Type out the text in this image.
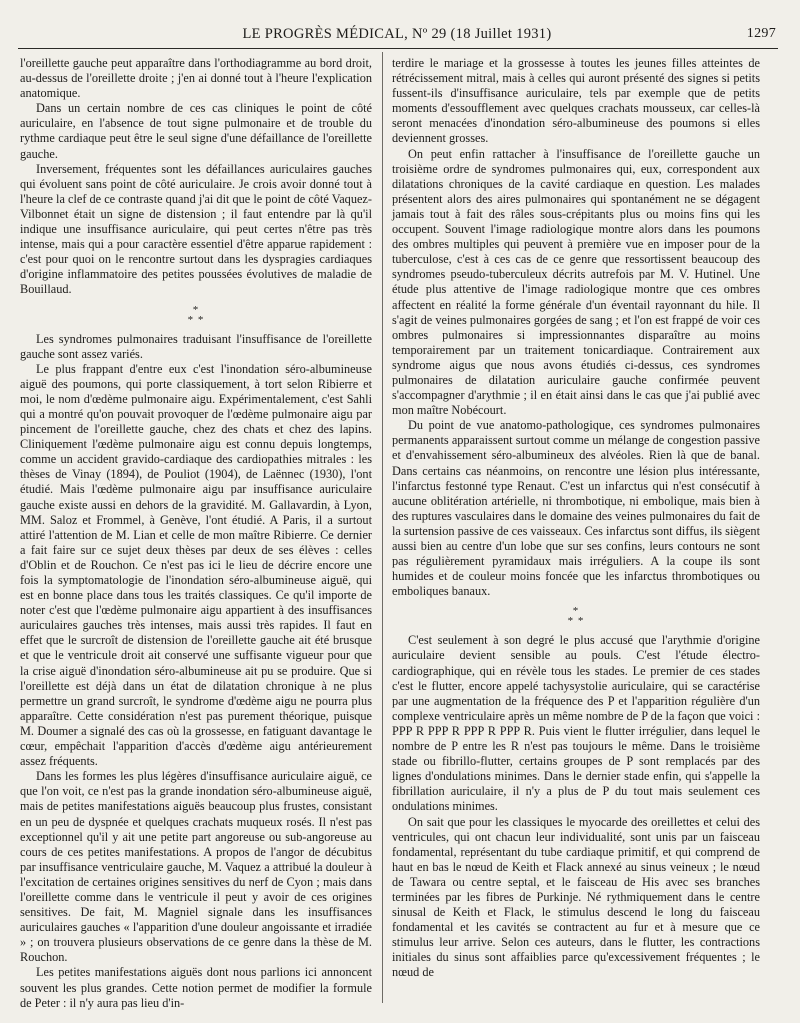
LE PROGRÈS MÉDICAL, Nº 29 (18 Juillet 1931)	1297

l'oreillette gauche peut apparaître dans l'orthodiagramme au bord droit, au-dessus de l'oreillette droite ; j'en ai donné tout à l'heure l'explication anatomique.

Dans un certain nombre de ces cas cliniques le point de côté auriculaire, en l'absence de tout signe pulmonaire et de trouble du rythme cardiaque peut être le seul signe d'une défaillance de l'oreillette gauche.

Inversement, fréquentes sont les défaillances auriculaires gauches qui évoluent sans point de côté auriculaire. Je crois avoir donné tout à l'heure la clef de ce contraste quand j'ai dit que le point de côté Vaquez-Vilbonnet était un signe de distension ; il faut entendre par là qu'il indique une insuffisance auriculaire, qui peut certes n'être pas très intense, mais qui a pour caractère essentiel d'être apparue rapidement : c'est pour quoi on le rencontre surtout dans les dyspragies cardiaques d'origine inflammatoire des petites poussées évolutives de maladie de Bouillaud.

*
* *

Les syndromes pulmonaires traduisant l'insuffisance de l'oreillette gauche sont assez variés.

Le plus frappant d'entre eux c'est l'inondation séro-albumineuse aiguë des poumons, qui porte classiquement, à tort selon Ribierre et moi, le nom d'œdème pulmonaire aigu. Expérimentalement, c'est Sahli qui a montré qu'on pouvait provoquer de l'œdème pulmonaire aigu par pincement de l'oreillette gauche, chez des chats et chez des lapins. Cliniquement l'œdème pulmonaire aigu est connu depuis longtemps, comme un accident gravido-cardiaque des cardiopathies mitrales : les thèses de Vinay (1894), de Pouliot (1904), de Laënnec (1930), l'ont étudié. Mais l'œdème pulmonaire aigu par insuffisance auriculaire gauche existe aussi en dehors de la gravidité. M. Gallavardin, à Lyon, MM. Saloz et Frommel, à Genève, l'ont étudié. A Paris, il a surtout attiré l'attention de M. Lian et celle de mon maître Ribierre. Ce dernier a fait faire sur ce sujet deux thèses par deux de ses élèves : celles d'Oblin et de Rouchon. Ce n'est pas ici le lieu de décrire encore une fois la symptomatologie de l'inondation séro-albumineuse aiguë, qui est en bonne place dans tous les traités classiques. Ce qu'il importe de noter c'est que l'œdème pulmonaire aigu appartient à des insuffisances auriculaires gauches très intenses, mais aussi très rapides. Il faut en effet que le surcroît de distension de l'oreillette gauche ait été brusque et que le ventricule droit ait conservé une suffisante vigueur pour que la crise aiguë d'inondation séro-albumineuse ait pu se produire. Que si l'oreillette est déjà dans un état de dilatation chronique à ne plus permettre un grand surcroît, le syndrome d'œdème aigu ne pourra plus apparaître. Cette considération n'est pas purement théorique, puisque M. Doumer a signalé des cas où la grossesse, en fatiguant davantage le cœur, empêchait l'apparition d'accès d'œdème aigu antérieurement assez fréquents.

Dans les formes les plus légères d'insuffisance auriculaire aiguë, ce que l'on voit, ce n'est pas la grande inondation séro-albumineuse aiguë, mais de petites manifestations aiguës beaucoup plus frustes, consistant en un peu de dyspnée et quelques crachats muqueux rosés. Il n'est pas exceptionnel qu'il y ait une petite part angoreuse ou sub-angoreuse au cours de ces petites manifestations. A propos de l'angor de décubitus par insuffisance ventriculaire gauche, M. Vaquez a attribué la douleur à l'excitation de certaines origines sensitives du nerf de Cyon ; mais dans l'oreillette comme dans le ventricule il peut y avoir de ces origines sensitives. De fait, M. Magniel signale dans les insuffisances auriculaires gauches « l'apparition d'une douleur angoissante et irradiée » ; on trouvera plusieurs observations de ce genre dans la thèse de M. Rouchon.

Les petites manifestations aiguës dont nous parlions ici annoncent souvent les plus grandes. Cette notion permet de modifier la formule de Peter : il n'y aura pas lieu d'in-

terdire le mariage et la grossesse à toutes les jeunes filles atteintes de rétrécissement mitral, mais à celles qui auront présenté des signes si petits fussent-ils d'insuffisance auriculaire, tels par exemple que de petits moments d'essoufflement avec quelques crachats mousseux, car celles-là seront menacées d'inondation séro-albumineuse des poumons si elles deviennent grosses.

On peut enfin rattacher à l'insuffisance de l'oreillette gauche un troisième ordre de syndromes pulmonaires qui, eux, correspondent aux dilatations chroniques de la cavité cardiaque en question. Les malades présentent alors des aires pulmonaires qui spontanément ne se dégagent jamais tout à fait des râles sous-crépitants plus ou moins fins qui les occupent. Souvent l'image radiologique montre alors dans les poumons des ombres multiples qui peuvent à première vue en imposer pour de la tuberculose, c'est à ces cas de ce genre que ressortissent beaucoup des syndromes pseudo-tuberculeux décrits autrefois par M. V. Hutinel. Une étude plus attentive de l'image radiologique montre que ces ombres affectent en réalité la forme générale d'un éventail rayonnant du hile. Il s'agit de veines pulmonaires gorgées de sang ; et l'on est frappé de voir ces ombres pulmonaires si impressionnantes disparaître au moins temporairement par un traitement tonicardiaque. Contrairement aux syndrome aigus que nous avons étudiés ci-dessus, ces syndromes pulmonaires de dilatation auriculaire gauche confirmée peuvent s'accompagner d'arythmie ; il en était ainsi dans le cas que j'ai publié avec mon maître Nobécourt.

Du point de vue anatomo-pathologique, ces syndromes pulmonaires permanents apparaissent surtout comme un mélange de congestion passive et d'envahissement séro-albumineux des alvéoles. Rien là que de banal. Dans certains cas néanmoins, on rencontre une lésion plus intéressante, l'infarctus festonné type Renaut. C'est un infarctus qui n'est consécutif à aucune oblitération artérielle, ni thrombotique, ni embolique, mais bien à des ruptures vasculaires dans le domaine des veines pulmonaires du fait de la surtension passive de ces vaisseaux. Ces infarctus sont diffus, ils siègent aussi bien au centre d'un lobe que sur ses confins, leurs contours ne sont pas régulièrement pyramidaux mais irréguliers. A la coupe ils sont humides et de couleur moins foncée que les infarctus thrombotiques ou emboliques banaux.

*
* *

C'est seulement à son degré le plus accusé que l'arythmie d'origine auriculaire devient sensible au pouls. C'est l'étude électro-cardiographique, qui en révèle tous les stades. Le premier de ces stades c'est le flutter, encore appelé tachysystolie auriculaire, qui se caractérise par une augmentation de la fréquence des P et l'apparition régulière d'un complexe ventriculaire après un même nombre de P de la façon que voici : PPP R PPP R PPP R PPP R. Puis vient le flutter irrégulier, dans lequel le nombre de P entre les R n'est pas toujours le même. Dans le troisième stade ou fibrillo-flutter, certains groupes de P sont remplacés par des lignes d'ondulations minimes. Dans le dernier stade enfin, qui s'appelle la fibrillation auriculaire, il n'y a plus de P du tout mais seulement ces ondulations minimes.

On sait que pour les classiques le myocarde des oreillettes et celui des ventricules, qui ont chacun leur individualité, sont unis par un faisceau fondamental, représentant du tube cardiaque primitif, et qui comprend de haut en bas le nœud de Keith et Flack annexé au sinus veineux ; le nœud de Tawara ou centre septal, et le faisceau de His avec ses branches terminées par les fibres de Purkinje. Né rythmiquement dans le centre sinusal de Keith et Flack, le stimulus descend le long du faisceau fondamental et les cavités se contractent au fur et à mesure que ce stimulus leur arrive. Selon ces auteurs, dans le flutter, les contractions initiales du sinus sont affaiblies parce qu'excessivement fréquentes ; le nœud de
